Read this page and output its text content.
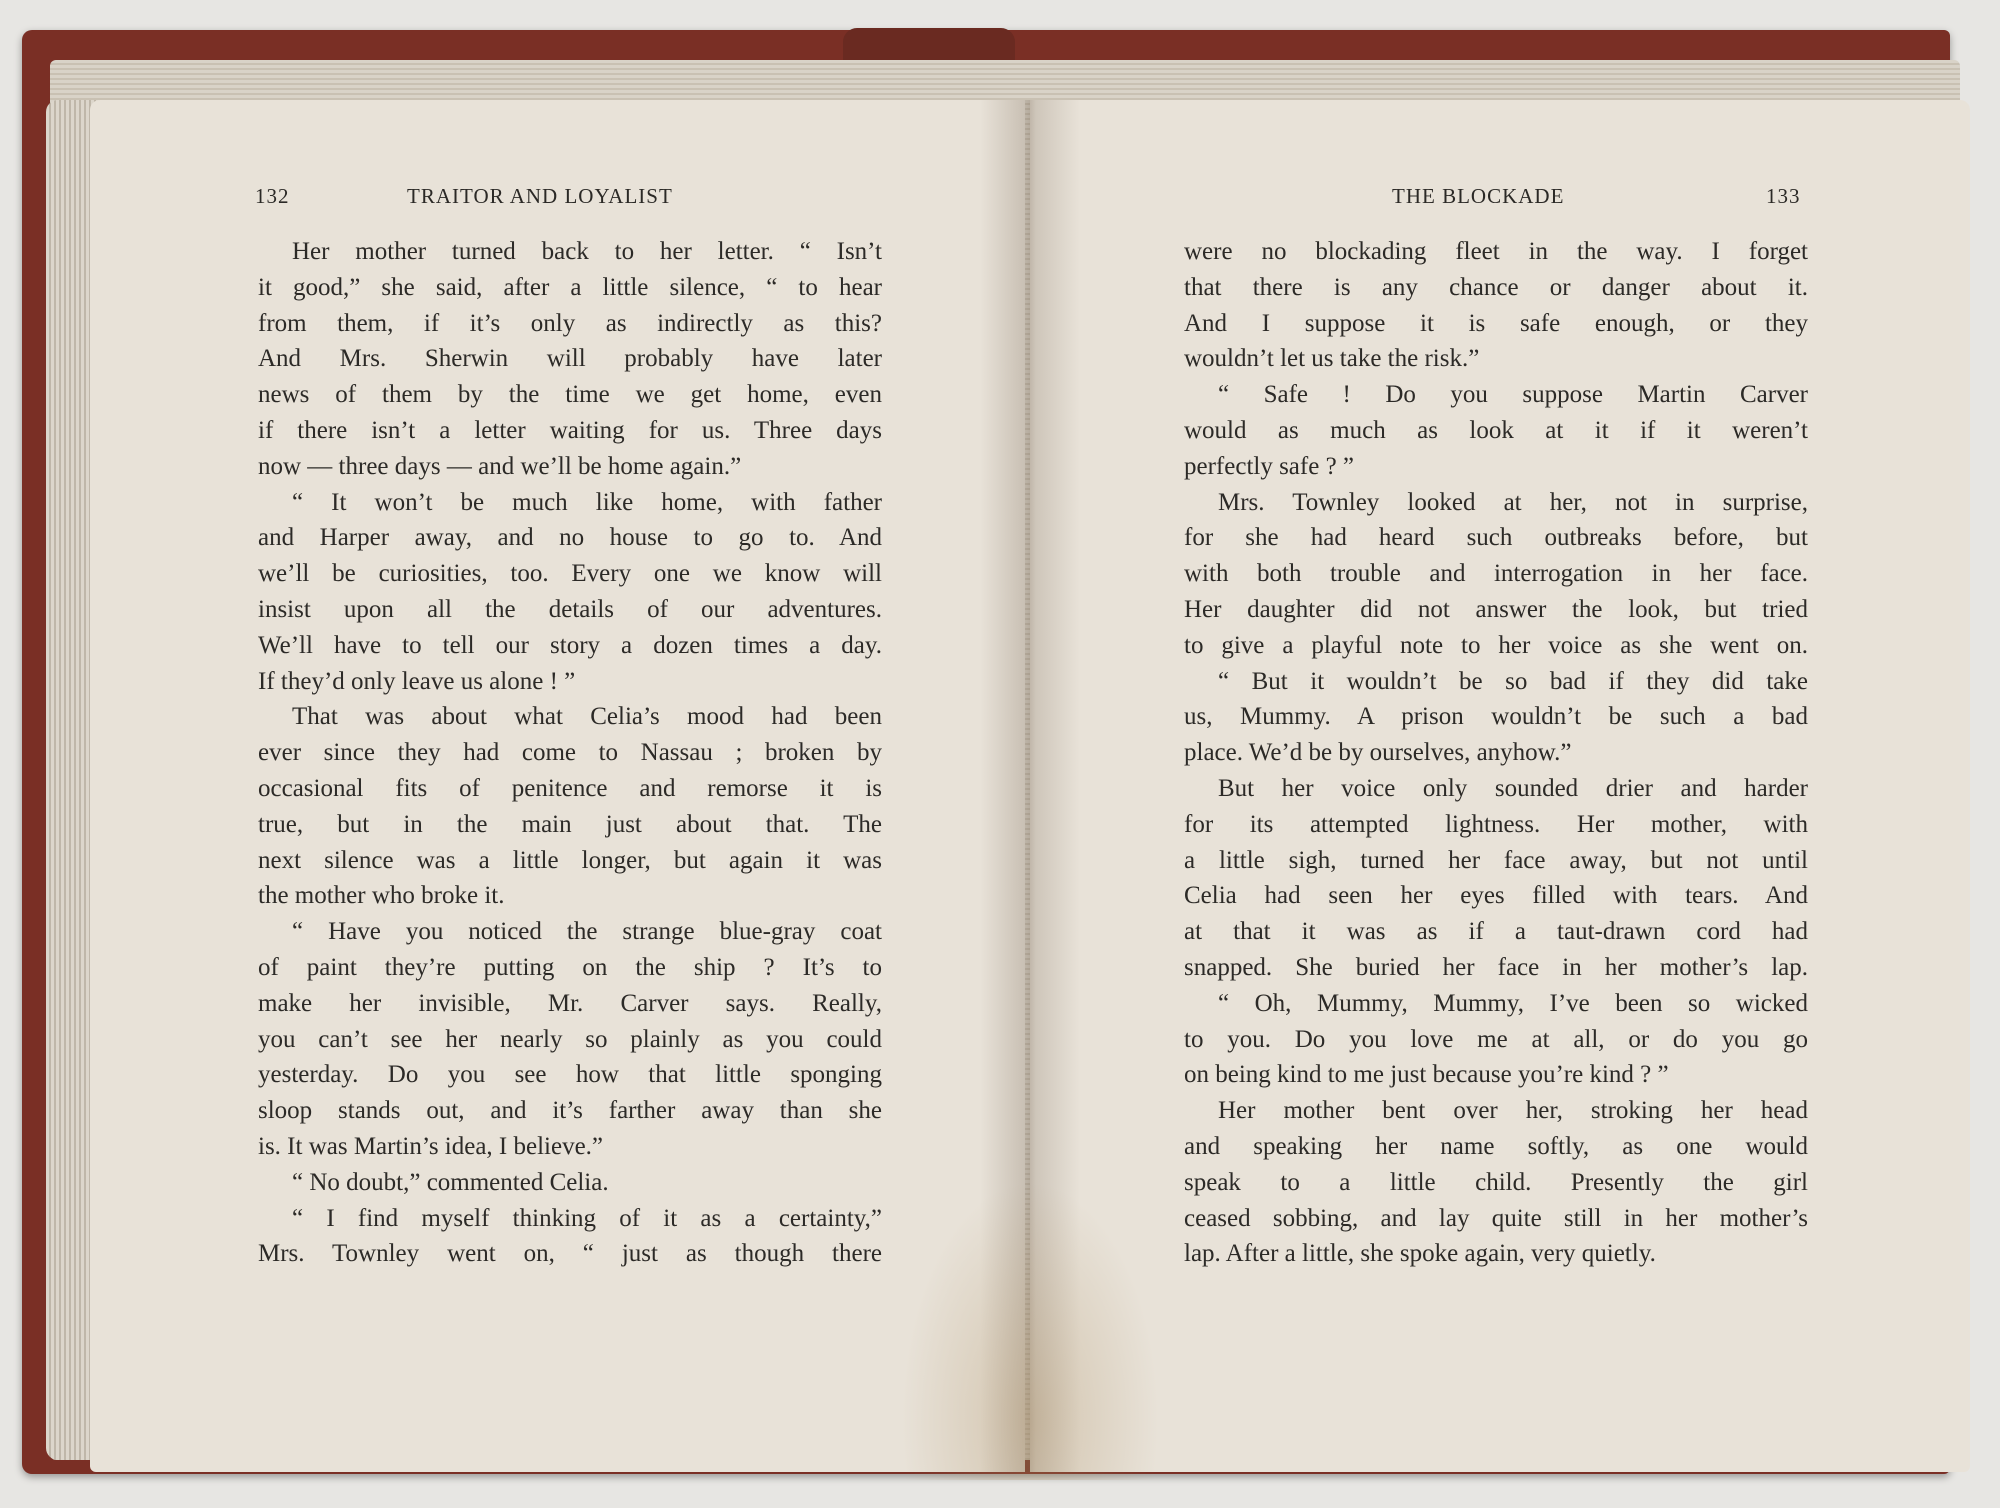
132	TRAITOR AND LOYALIST	THE BLOCKADE	133
Her mother turned back to her letter. “ Isn’t
it good,” she said, after a little silence, “ to hear
from them, if it’s only as indirectly as this?
And Mrs. Sherwin will probably have later
news of them by the time we get home, even
if there isn’t a letter waiting for us. Three days
now — three days — and we’ll be home again.”
“ It won’t be much like home, with father
and Harper away, and no house to go to. And
we’ll be curiosities, too. Every one we know will
insist upon all the details of our adventures.
We’ll have to tell our story a dozen times a day.
If they’d only leave us alone ! ”
That was about what Celia’s mood had been
ever since they had come to Nassau ; broken by
occasional fits of penitence and remorse it is
true, but in the main just about that. The
next silence was a little longer, but again it was
the mother who broke it.
“ Have you noticed the strange blue-gray coat
of paint they’re putting on the ship ? It’s to
make her invisible, Mr. Carver says. Really,
you can’t see her nearly so plainly as you could
yesterday. Do you see how that little sponging
sloop stands out, and it’s farther away than she
is. It was Martin’s idea, I believe.”
“ No doubt,” commented Celia.
“ I find myself thinking of it as a certainty,”
Mrs. Townley went on, “ just as though there
were no blockading fleet in the way. I forget
that there is any chance or danger about it.
And I suppose it is safe enough, or they
wouldn’t let us take the risk.”
“ Safe ! Do you suppose Martin Carver
would as much as look at it if it weren’t
perfectly safe ? ”
Mrs. Townley looked at her, not in surprise,
for she had heard such outbreaks before, but
with both trouble and interrogation in her face.
Her daughter did not answer the look, but tried
to give a playful note to her voice as she went on.
“ But it wouldn’t be so bad if they did take
us, Mummy. A prison wouldn’t be such a bad
place. We’d be by ourselves, anyhow.”
But her voice only sounded drier and harder
for its attempted lightness. Her mother, with
a little sigh, turned her face away, but not until
Celia had seen her eyes filled with tears. And
at that it was as if a taut-drawn cord had
snapped. She buried her face in her mother’s lap.
“ Oh, Mummy, Mummy, I’ve been so wicked
to you. Do you love me at all, or do you go
on being kind to me just because you’re kind ? ”
Her mother bent over her, stroking her head
and speaking her name softly, as one would
speak to a little child. Presently the girl
ceased sobbing, and lay quite still in her mother’s
lap. After a little, she spoke again, very quietly.
